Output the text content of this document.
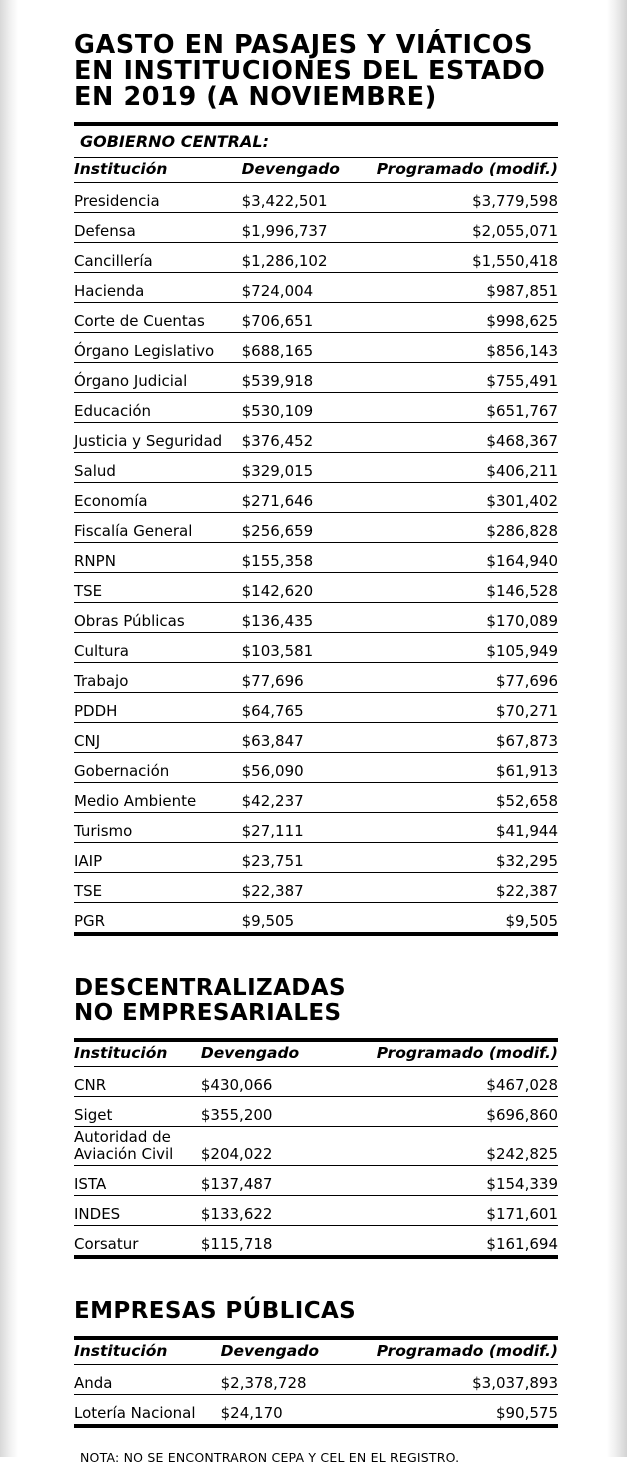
GASTO EN PASAJES Y VIÁTICOS
EN INSTITUCIONES DEL ESTADO
EN 2019 (A NOVIEMBRE)
GOBIERNO CENTRAL:
Institución	Devengado	Programado (modif.)
Presidencia	$3,422,501	$3,779,598
Defensa	$1,996,737	$2,055,071
Cancillería	$1,286,102	$1,550,418
Hacienda	$724,004	$987,851
Corte de Cuentas	$706,651	$998,625
Órgano Legislativo	$688,165	$856,143
Órgano Judicial	$539,918	$755,491
Educación	$530,109	$651,767
Justicia y Seguridad	$376,452	$468,367
Salud	$329,015	$406,211
Economía	$271,646	$301,402
Fiscalía General	$256,659	$286,828
RNPN	$155,358	$164,940
TSE	$142,620	$146,528
Obras Públicas	$136,435	$170,089
Cultura	$103,581	$105,949
Trabajo	$77,696	$77,696
PDDH	$64,765	$70,271
CNJ	$63,847	$67,873
Gobernación	$56,090	$61,913
Medio Ambiente	$42,237	$52,658
Turismo	$27,111	$41,944
IAIP	$23,751	$32,295
TSE	$22,387	$22,387
PGR	$9,505	$9,505
DESCENTRALIZADAS
NO EMPRESARIALES
Institución	Devengado	Programado (modif.)
CNR	$430,066	$467,028
Siget	$355,200	$696,860

Autoridad de
Aviación Civil	$204,022	$242,825
ISTA	$137,487	$154,339
INDES	$133,622	$171,601
Corsatur	$115,718	$161,694
EMPRESAS PÚBLICAS
Institución	Devengado	Programado (modif.)
Anda	$2,378,728	$3,037,893
Lotería Nacional	$24,170	$90,575
NOTA: NO SE ENCONTRARON CEPA Y CEL EN EL REGISTRO.
